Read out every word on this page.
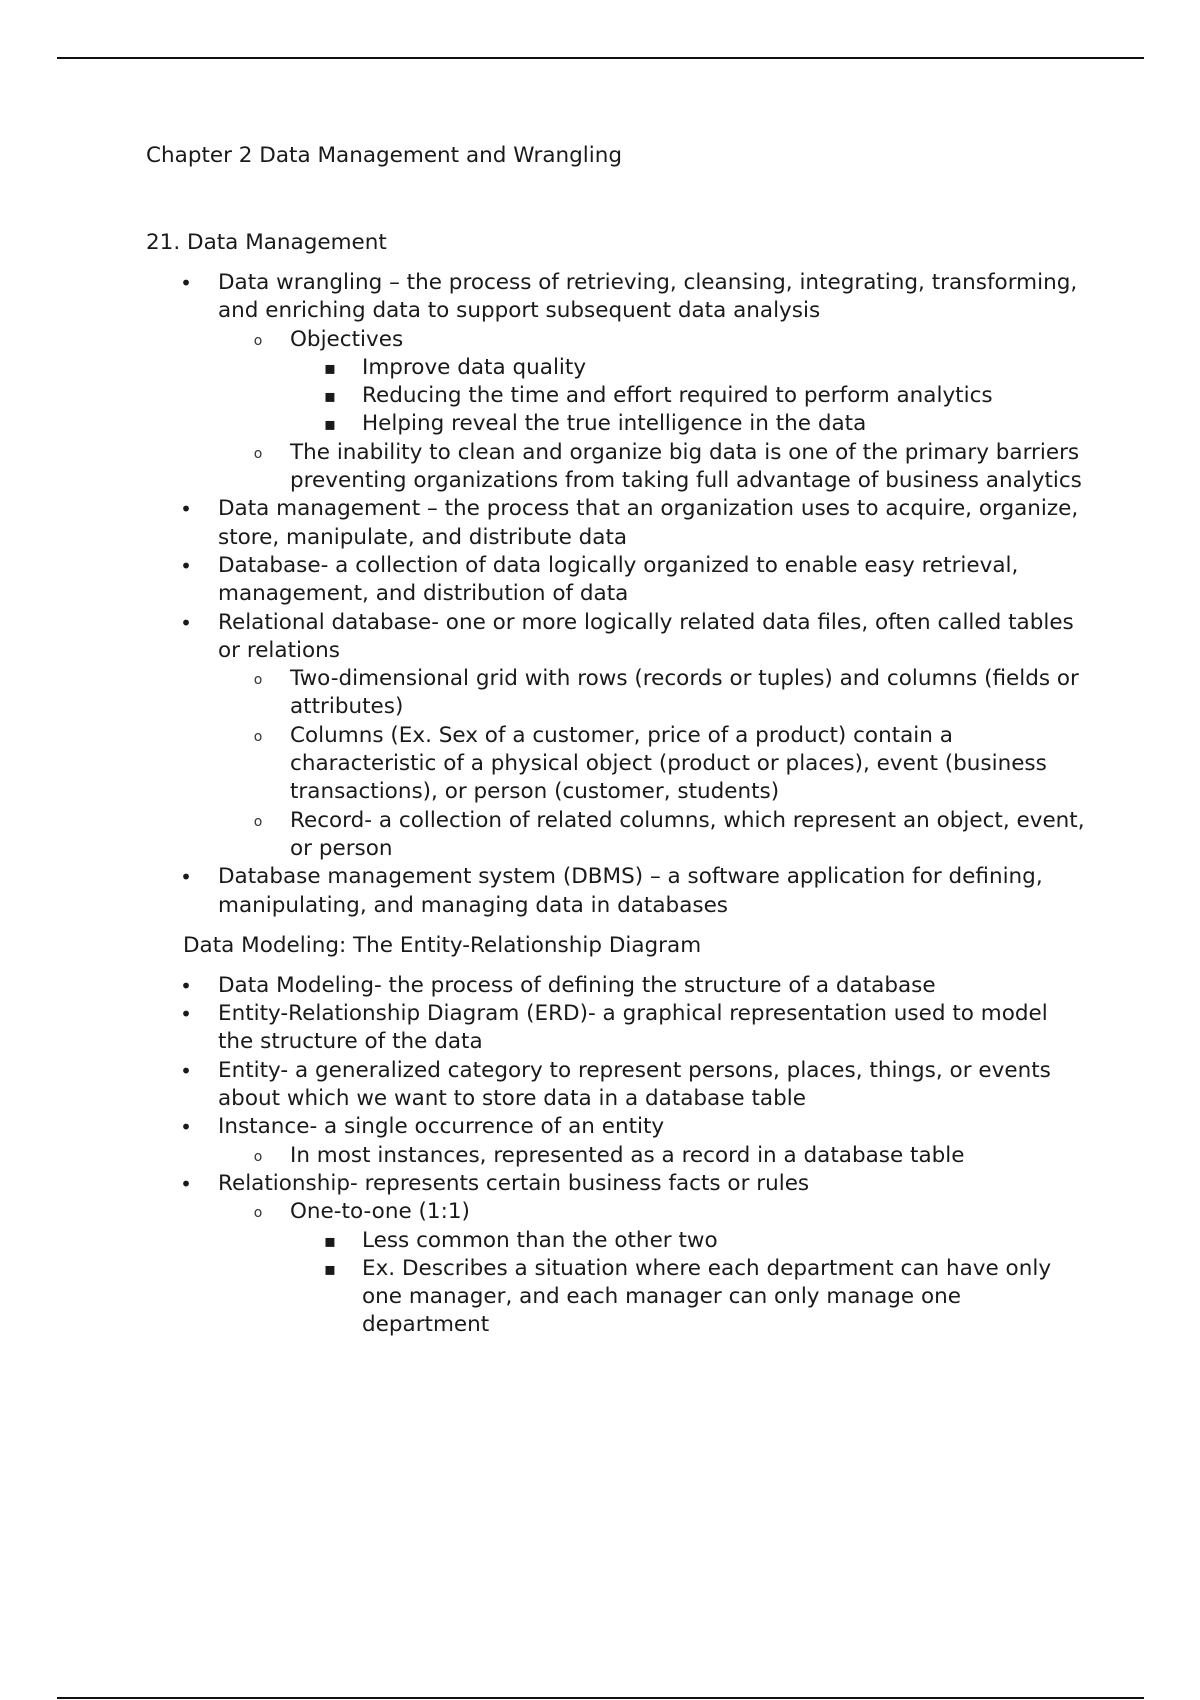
Chapter 2 Data Management and Wrangling
21. Data Management
•
Data wrangling – the process of retrieving, cleansing, integrating, transforming, and enriching data to support subsequent data analysis
o
Objectives
▪
Improve data quality
▪
Reducing the time and effort required to perform analytics
▪
Helping reveal the true intelligence in the data
o
The inability to clean and organize big data is one of the primary barriers preventing organizations from taking full advantage of business analytics
•
Data management – the process that an organization uses to acquire, organize, store, manipulate, and distribute data
•
Database- a collection of data logically organized to enable easy retrieval, management, and distribution of data
•
Relational database- one or more logically related data files, often called tables or relations
o
Two-dimensional grid with rows (records or tuples) and columns (fields or attributes)
o
Columns (Ex. Sex of a customer, price of a product) contain a characteristic of a physical object (product or places), event (business transactions), or person (customer, students)
o
Record- a collection of related columns, which represent an object, event, or person
•
Database management system (DBMS) – a software application for defining, manipulating, and managing data in databases

Data Modeling: The Entity-Relationship Diagram

•
Data Modeling- the process of defining the structure of a database
•
Entity-Relationship Diagram (ERD)- a graphical representation used to model the structure of the data
•
Entity- a generalized category to represent persons, places, things, or events about which we want to store data in a database table
•
Instance- a single occurrence of an entity
o
In most instances, represented as a record in a database table
•
Relationship- represents certain business facts or rules
o
One-to-one (1:1)
▪
Less common than the other two
▪
Ex. Describes a situation where each department can have only one manager, and each manager can only manage one department
